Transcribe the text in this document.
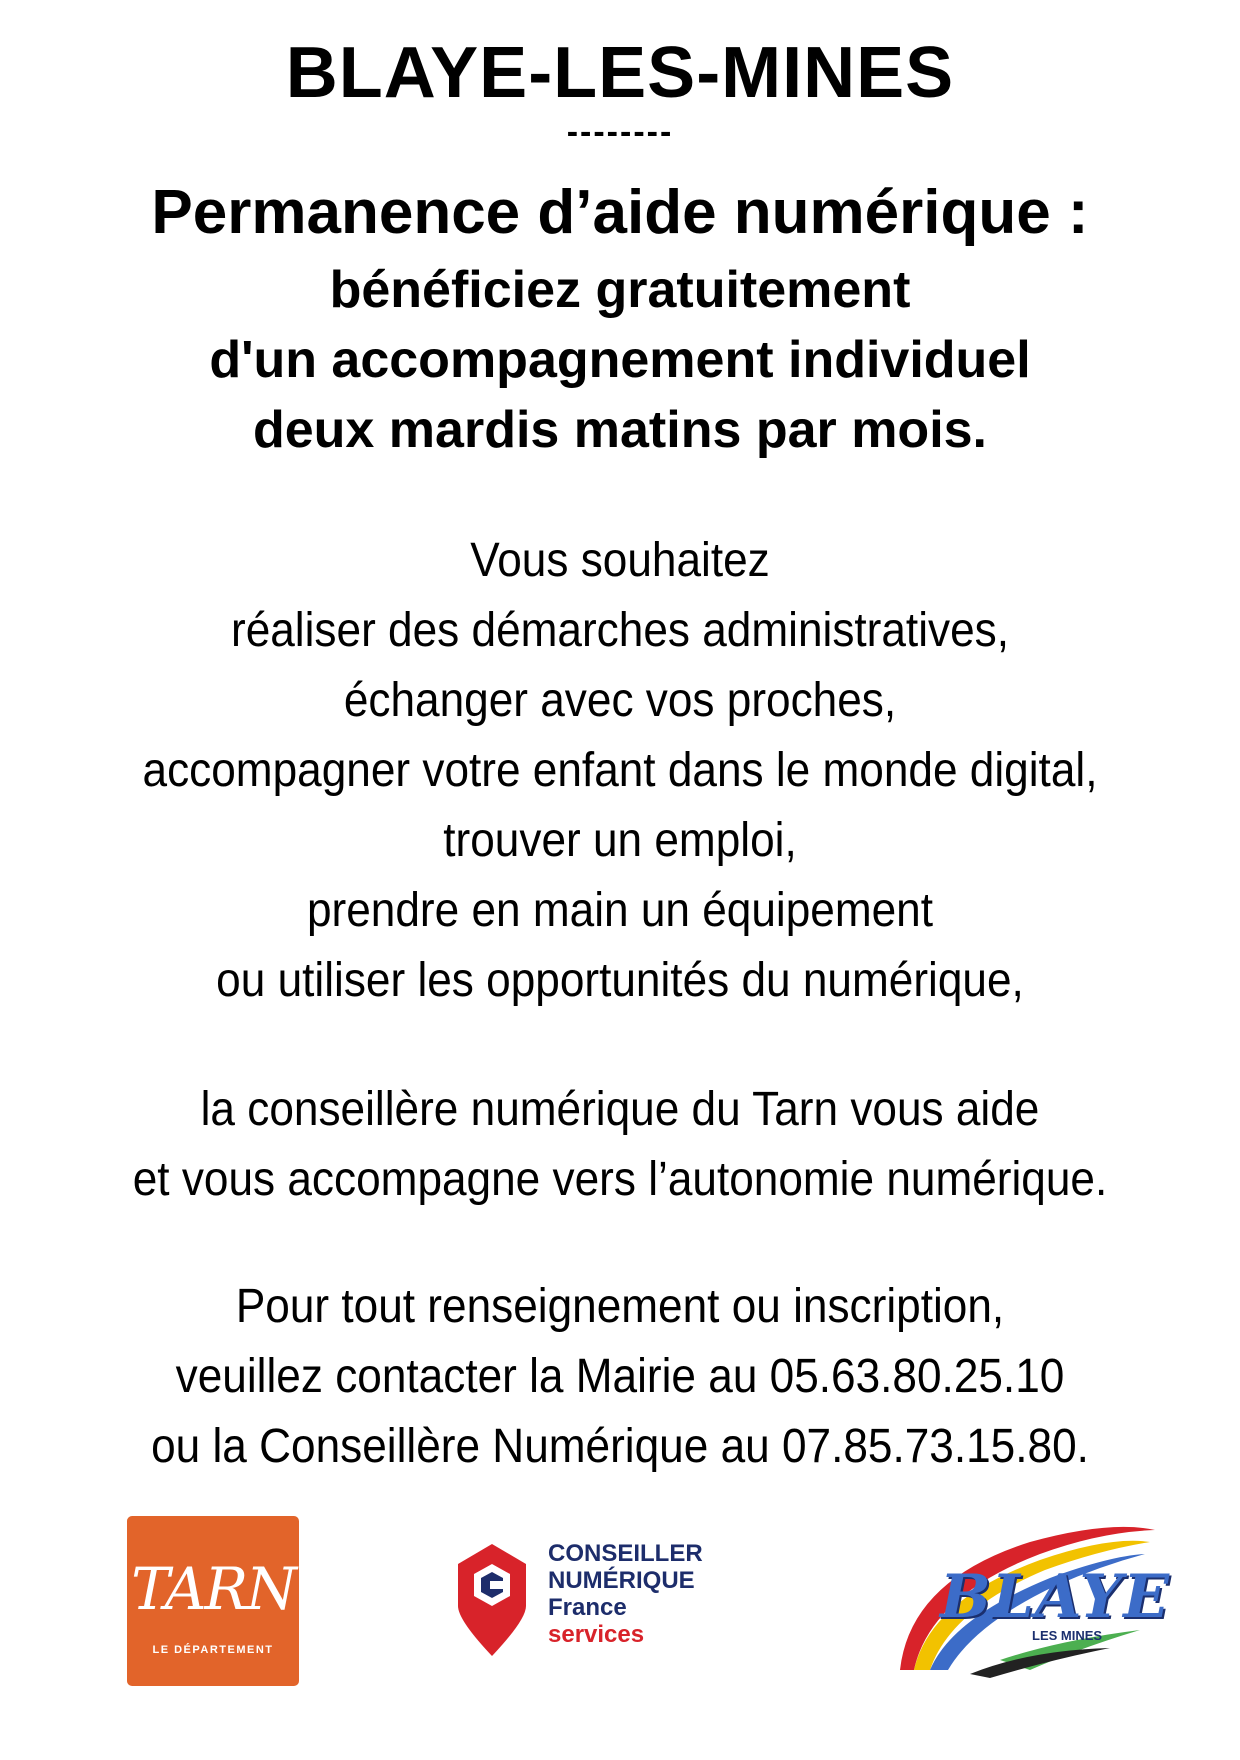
BLAYE-LES-MINES
--------
Permanence d’aide numérique :
bénéficiez gratuitement
d'un accompagnement individuel
deux mardis matins par mois.
Vous souhaitez
réaliser des démarches administratives,
échanger avec vos proches,
accompagner votre enfant dans le monde digital,
trouver un emploi,
prendre en main un équipement
ou utiliser les opportunités du numérique,
la conseillère numérique du Tarn vous aide
et vous accompagne vers l’autonomie numérique.
Pour tout renseignement ou inscription,
veuillez contacter la Mairie au 05.63.80.25.10
ou la Conseillère Numérique au 07.85.73.15.80.
TARN
LE DÉPARTEMENT
CONSEILLER
NUMÉRIQUE
France
services
BLAYE
LES MINES
